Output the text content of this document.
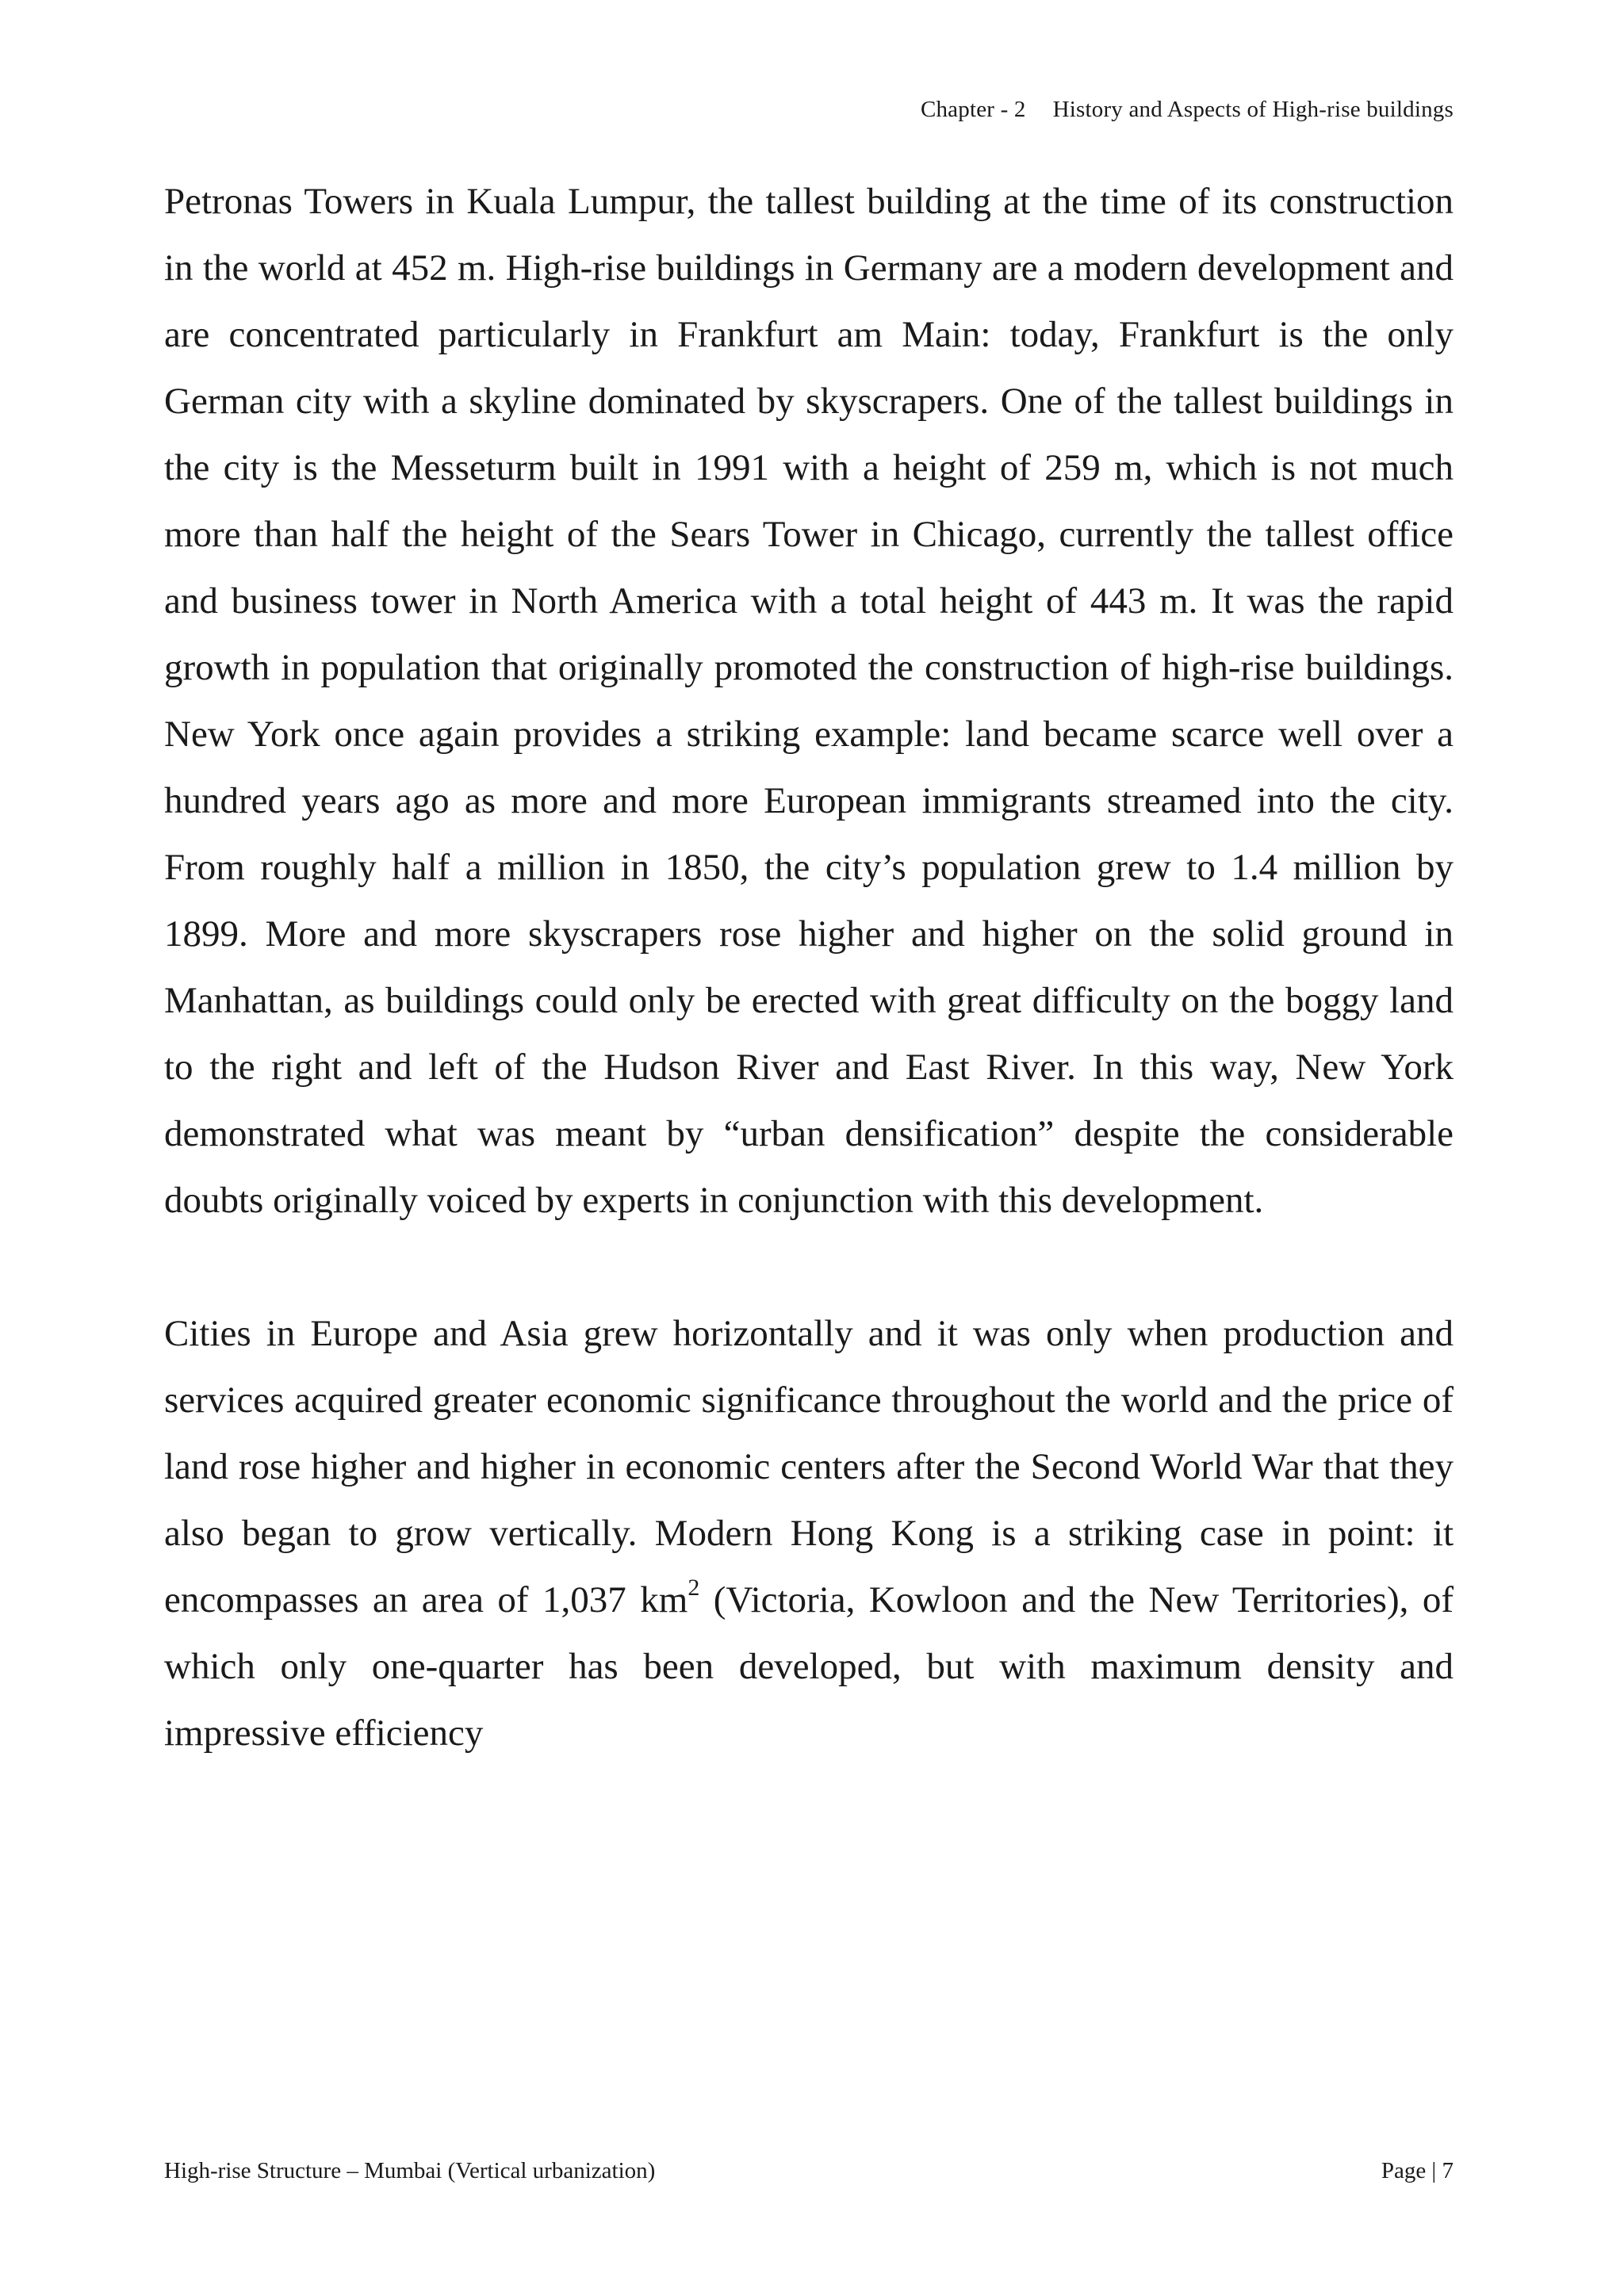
Chapter - 2 History and Aspects of High-rise buildings

Petronas Towers in Kuala Lumpur, the tallest building at the time of its construction in the world at 452 m. High-rise buildings in Germany are a modern development and are concentrated particularly in Frankfurt am Main: today, Frankfurt is the only German city with a skyline dominated by skyscrapers. One of the tallest buildings in the city is the Messeturm built in 1991 with a height of 259 m, which is not much more than half the height of the Sears Tower in Chicago, currently the tallest office and business tower in North America with a total height of 443 m. It was the rapid growth in population that originally promoted the construction of high-rise buildings. New York once again provides a striking example: land became scarce well over a hundred years ago as more and more European immigrants streamed into the city. From roughly half a million in 1850, the city’s population grew to 1.4 million by 1899. More and more skyscrapers rose higher and higher on the solid ground in Manhattan, as buildings could only be erected with great difficulty on the boggy land to the right and left of the Hudson River and East River. In this way, New York demonstrated what was meant by “urban densification” despite the considerable doubts originally voiced by experts in conjunction with this development.

Cities in Europe and Asia grew horizontally and it was only when production and services acquired greater economic significance throughout the world and the price of land rose higher and higher in economic centers after the Second World War that they also began to grow vertically. Modern Hong Kong is a striking case in point: it encompasses an area of 1,037 $km^2$ (Victoria, Kowloon and the New Territories), of which only one-quarter has been developed, but with maximum density and impressive efficiency

High-rise Structure – Mumbai (Vertical urbanization)	Page | 7
